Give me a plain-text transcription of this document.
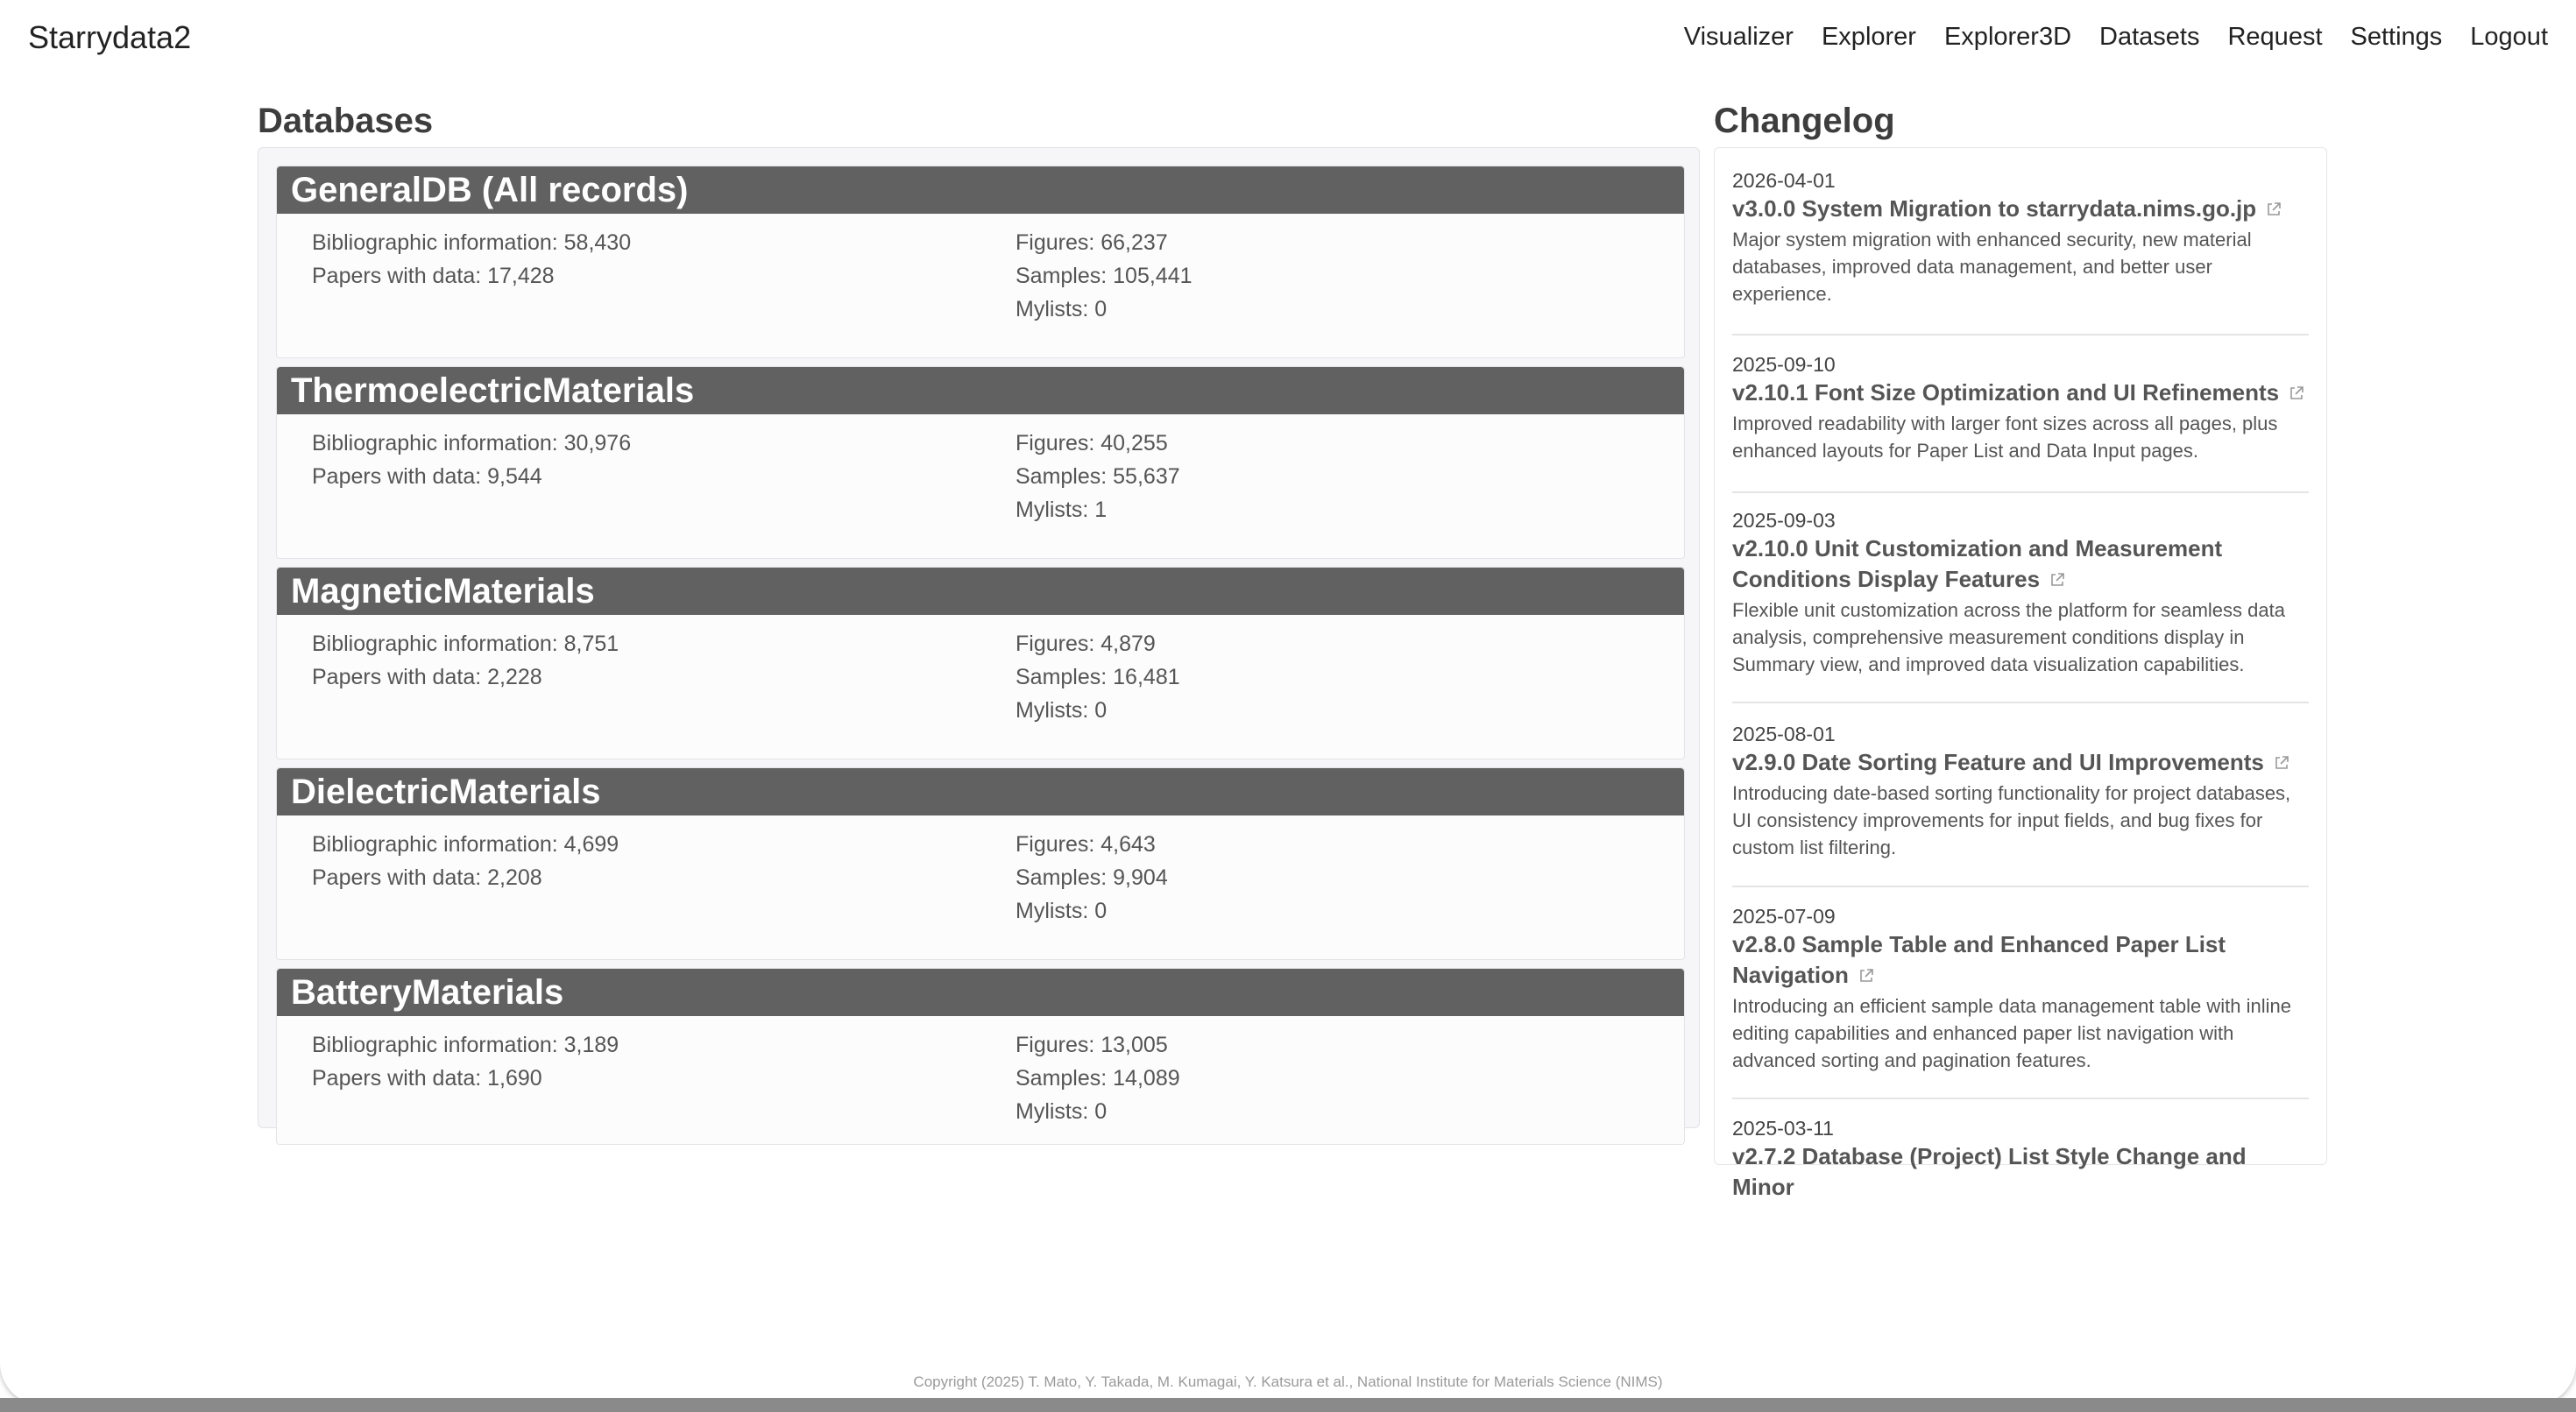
Starrydata2	Visualizer Explorer Explorer3D Datasets Request Settings Logout
Databases	Changelog
GeneralDB (All records)
Bibliographic information: 58,430
Papers with data: 17,428
Figures: 66,237
Samples: 105,441
Mylists: 0
ThermoelectricMaterials
Bibliographic information: 30,976
Papers with data: 9,544
Figures: 40,255
Samples: 55,637
Mylists: 1
MagneticMaterials
Bibliographic information: 8,751
Papers with data: 2,228
Figures: 4,879
Samples: 16,481
Mylists: 0
DielectricMaterials
Bibliographic information: 4,699
Papers with data: 2,208
Figures: 4,643
Samples: 9,904
Mylists: 0
BatteryMaterials
Bibliographic information: 3,189
Papers with data: 1,690
Figures: 13,005
Samples: 14,089
Mylists: 0
2026-04-01
v3.0.0 System Migration to starrydata.nims.go.jp
Major system migration with enhanced security, new material databases, improved data management, and better user experience.
2025-09-10
v2.10.1 Font Size Optimization and UI Refinements
Improved readability with larger font sizes across all pages, plus enhanced layouts for Paper List and Data Input pages.
2025-09-03
v2.10.0 Unit Customization and Measurement Conditions Display Features
Flexible unit customization across the platform for seamless data analysis, comprehensive measurement conditions display in Summary view, and improved data visualization capabilities.
2025-08-01
v2.9.0 Date Sorting Feature and UI Improvements
Introducing date-based sorting functionality for project databases, UI consistency improvements for input fields, and bug fixes for custom list filtering.
2025-07-09
v2.8.0 Sample Table and Enhanced Paper List Navigation
Introducing an efficient sample data management table with inline editing capabilities and enhanced paper list navigation with advanced sorting and pagination features.
2025-03-11
v2.7.2 Database (Project) List Style Change and Minor
Copyright (2025) T. Mato, Y. Takada, M. Kumagai, Y. Katsura et al., National Institute for Materials Science (NIMS)
